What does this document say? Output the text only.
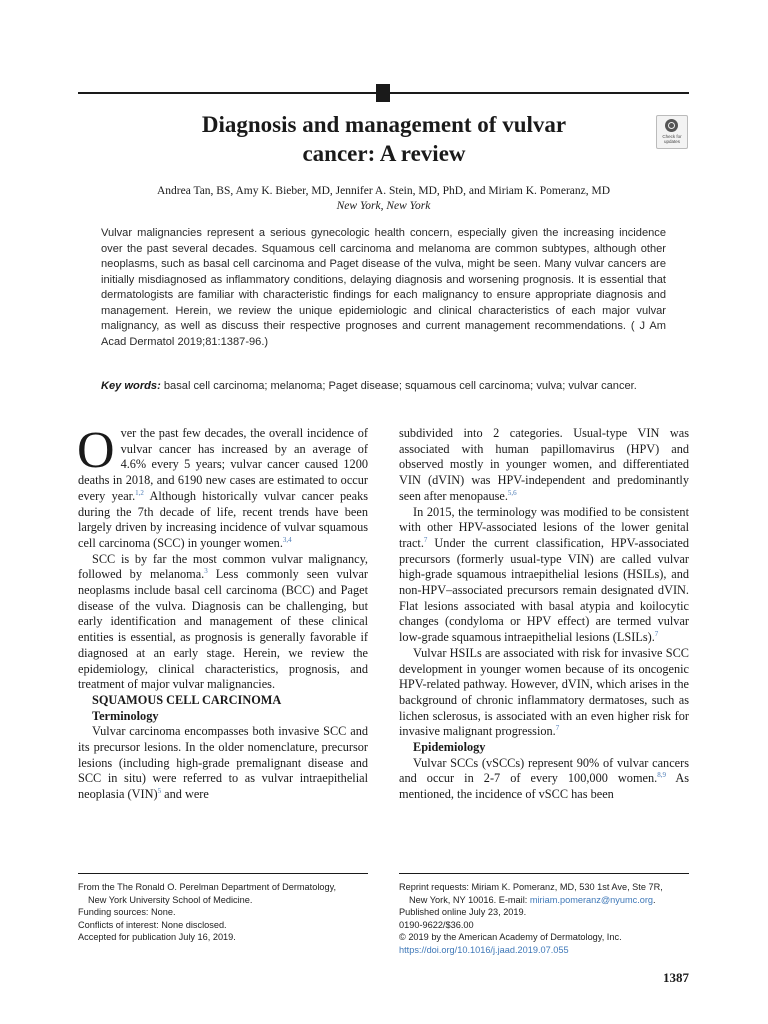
Diagnosis and management of vulvar
cancer: A review
Check for
updates
Andrea Tan, BS, Amy K. Bieber, MD, Jennifer A. Stein, MD, PhD, and Miriam K. Pomeranz, MD
New York, New York

Vulvar malignancies represent a serious gynecologic health concern, especially given the increasing incidence over the past several decades. Squamous cell carcinoma and melanoma are common subtypes, although other neoplasms, such as basal cell carcinoma and Paget disease of the vulva, might be seen. Many vulvar cancers are initially misdiagnosed as inflammatory conditions, delaying diagnosis and worsening prognosis. It is essential that dermatologists are familiar with characteristic findings for each malignancy to ensure appropriate diagnosis and management. Herein, we review the unique epidemiologic and clinical characteristics of each major vulvar malignancy, as well as discuss their respective prognoses and current management recommendations. ( J Am Acad Dermatol 2019;81:1387-96.)

Key words: basal cell carcinoma; melanoma; Paget disease; squamous cell carcinoma; vulva; vulvar cancer.

Over the past few decades, the overall incidence of vulvar cancer has increased by an average of 4.6% every 5 years; vulvar cancer caused 1200 deaths in 2018, and 6190 new cases are estimated to occur every year.$^{1,2}$ Although historically vulvar cancer peaks during the 7th decade of life, recent trends have been largely driven by increasing incidence of vulvar squamous cell carcinoma (SCC) in younger women.$^{3,4}$

SCC is by far the most common vulvar malignancy, followed by melanoma.$^3$ Less commonly seen vulvar neoplasms include basal cell carcinoma (BCC) and Paget disease of the vulva. Diagnosis can be challenging, but early identification and management of these clinical entities is essential, as prognosis is generally favorable if diagnosed at an early stage. Herein, we review the epidemiology, clinical characteristics, prognosis, and treatment of major vulvar malignancies.

SQUAMOUS CELL CARCINOMA

Terminology

Vulvar carcinoma encompasses both invasive SCC and its precursor lesions. In the older nomenclature, precursor lesions (including high-grade premalignant disease and SCC in situ) were referred to as vulvar intraepithelial neoplasia (VIN)$^5$ and were

subdivided into 2 categories. Usual-type VIN was associated with human papillomavirus (HPV) and observed mostly in younger women, and differentiated VIN (dVIN) was HPV-independent and predominantly seen after menopause.$^{5,6}$

In 2015, the terminology was modified to be consistent with other HPV-associated lesions of the lower genital tract.$^7$ Under the current classification, HPV-associated precursors (formerly usual-type VIN) are called vulvar high-grade squamous intraepithelial lesions (HSILs), and non-HPV–associated precursors remain designated dVIN. Flat lesions associated with basal atypia and koilocytic changes (condyloma or HPV effect) are termed vulvar low-grade squamous intraepithelial lesions (LSILs).$^7$

Vulvar HSILs are associated with risk for invasive SCC development in younger women because of its oncogenic HPV-related pathway. However, dVIN, which arises in the background of chronic inflammatory dermatoses, such as lichen sclerosus, is associated with an even higher risk for invasive malignant progression.$^7$

Epidemiology

Vulvar SCCs (vSCCs) represent 90% of vulvar cancers and occur in 2-7 of every 100,000 women.$^{8,9}$ As mentioned, the incidence of vSCC has been

From the The Ronald O. Perelman Department of Dermatology,
New York University School of Medicine.
Funding sources: None.
Conflicts of interest: None disclosed.
Accepted for publication July 16, 2019.
Reprint requests: Miriam K. Pomeranz, MD, 530 1st Ave, Ste 7R,
New York, NY 10016. E-mail: miriam.pomeranz@nyumc.org.
Published online July 23, 2019.
0190-9622/$36.00
© 2019 by the American Academy of Dermatology, Inc.
https://doi.org/10.1016/j.jaad.2019.07.055
1387
